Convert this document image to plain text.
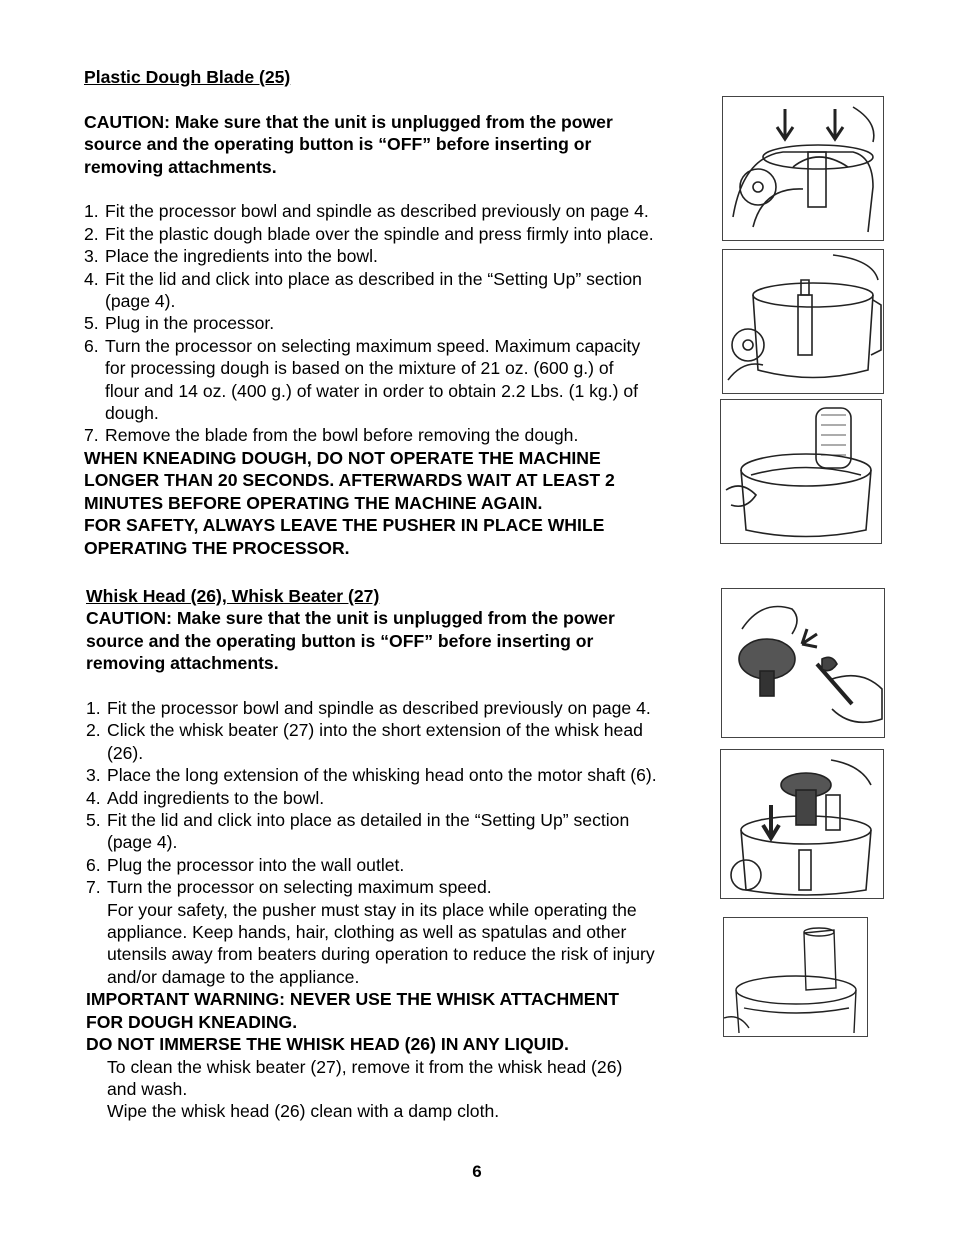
Plastic Dough Blade (25)
CAUTION: Make sure that the unit is unplugged from the power
source and the operating button is “OFF” before inserting or
removing attachments.
1. Fit the processor bowl and spindle as described previously on page 4.
2. Fit the plastic dough blade over the spindle and press firmly into place.
3. Place the ingredients into the bowl.
4. Fit the lid and click into place as described in the “Setting Up” section
(page 4).
5. Plug in the processor.
6. Turn the processor on selecting maximum speed. Maximum capacity
for processing dough is based on the mixture of 21 oz. (600 g.) of
flour and 14 oz. (400 g.) of water in order to obtain 2.2 Lbs. (1 kg.) of
dough.
7. Remove the blade from the bowl before removing the dough.
WHEN KNEADING DOUGH, DO NOT OPERATE THE MACHINE
LONGER THAN 20 SECONDS. AFTERWARDS WAIT AT LEAST 2
MINUTES BEFORE OPERATING THE MACHINE AGAIN.
FOR SAFETY, ALWAYS LEAVE THE PUSHER IN PLACE WHILE
OPERATING THE PROCESSOR.
Whisk Head (26), Whisk Beater (27)
CAUTION: Make sure that the unit is unplugged from the power
source and the operating button is “OFF” before inserting or
removing attachments.
1. Fit the processor bowl and spindle as described previously on page 4.
2. Click the whisk beater (27) into the short extension of the whisk head
(26).
3. Place the long extension of the whisking head onto the motor shaft (6).
4. Add ingredients to the bowl.
5. Fit the lid and click into place as detailed in the “Setting Up” section
(page 4).
6. Plug the processor into the wall outlet.
7. Turn the processor on selecting maximum speed.
For your safety, the pusher must stay in its place while operating the
appliance. Keep hands, hair, clothing as well as spatulas and other
utensils away from beaters during operation to reduce the risk of injury
and/or damage to the appliance.
IMPORTANT WARNING: NEVER USE THE WHISK ATTACHMENT
FOR DOUGH KNEADING.
DO NOT IMMERSE THE WHISK HEAD (26) IN ANY LIQUID.
To clean the whisk beater (27), remove it from the whisk head (26)
and wash.
Wipe the whisk head (26) clean with a damp cloth.
6
